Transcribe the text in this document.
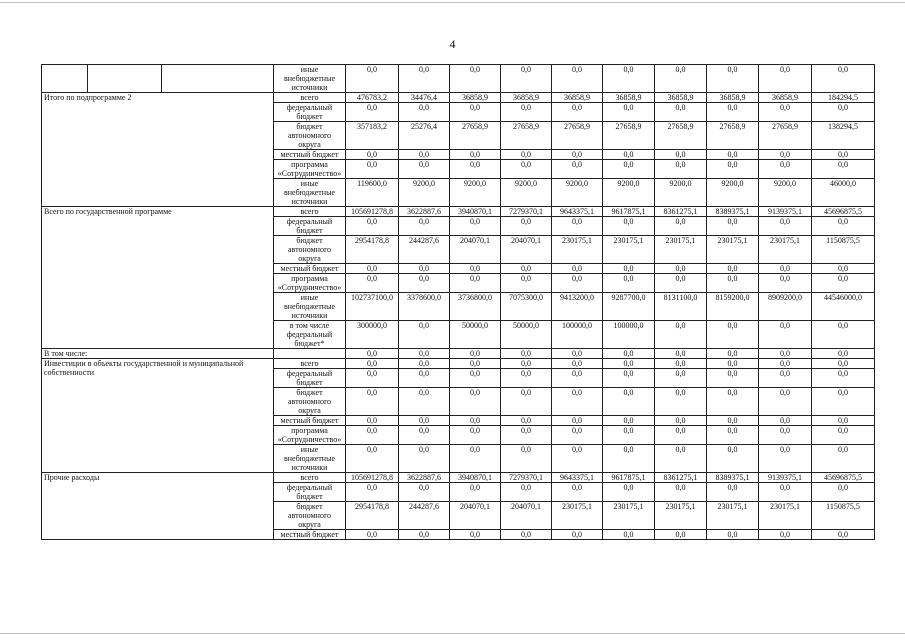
4
			иные внебюджетные источники	0,0	0,0	0,0	0,0	0,0	0,0	0,0	0,0	0,0	0,0
Итого по подпрограмме 2			всего	476783,2	34476,4	36858,9	36858,9	36858,9	36858,9	36858,9	36858,9	36858,9	184294,5
			федеральный бюджет	0,0	0,0	0,0	0,0	0,0	0,0	0,0	0,0	0,0	0,0
			бюджет автономного округа	357183,2	25276,4	27658,9	27658,9	27658,9	27658,9	27658,9	27658,9	27658,9	138294,5
			местный бюджет	0,0	0,0	0,0	0,0	0,0	0,0	0,0	0,0	0,0	0,0
			программа «Сотрудничество»	0,0	0,0	0,0	0,0	0,0	0,0	0,0	0,0	0,0	0,0
			иные внебюджетные источники	119600,0	9200,0	9200,0	9200,0	9200,0	9200,0	9200,0	9200,0	9200,0	46000,0
Всего по государственной программе			всего	105691278,8	3622887,6	3940870,1	7279370,1	9643375,1	9617875,1	8361275,1	8389375,1	9139375,1	45696875,5
			федеральный бюджет	0,0	0,0	0,0	0,0	0,0	0,0	0,0	0,0	0,0	0,0
			бюджет автономного округа	2954178,8	244287,6	204070,1	204070,1	230175,1	230175,1	230175,1	230175,1	230175,1	1150875,5
			местный бюджет	0,0	0,0	0,0	0,0	0,0	0,0	0,0	0,0	0,0	0,0
			программа «Сотрудничество»	0,0	0,0	0,0	0,0	0,0	0,0	0,0	0,0	0,0	0,0
			иные внебюджетные источники	102737100,0	3378600,0	3736800,0	7075300,0	9413200,0	9287700,0	8131100,0	8159200,0	8909200,0	44546000,0
			в том числе федеральный бюджет*	300000,0	0,0	50000,0	50000,0	100000,0	100000,0	0,0	0,0	0,0	0,0
В том числе:				0,0	0,0	0,0	0,0	0,0	0,0	0,0	0,0	0,0	0,0
Инвестиции в объекты государственной и муниципальной собственности			всего	0,0	0,0	0,0	0,0	0,0	0,0	0,0	0,0	0,0	0,0
			федеральный бюджет	0,0	0,0	0,0	0,0	0,0	0,0	0,0	0,0	0,0	0,0
			бюджет автономного округа	0,0	0,0	0,0	0,0	0,0	0,0	0,0	0,0	0,0	0,0
			местный бюджет	0,0	0,0	0,0	0,0	0,0	0,0	0,0	0,0	0,0	0,0
			программа «Сотрудничество»	0,0	0,0	0,0	0,0	0,0	0,0	0,0	0,0	0,0	0,0
			иные внебюджетные источники	0,0	0,0	0,0	0,0	0,0	0,0	0,0	0,0	0,0	0,0
Прочие расходы			всего	105691278,8	3622887,6	3940870,1	7279370,1	9643375,1	9617875,1	8361275,1	8389375,1	9139375,1	45696875,5
			федеральный бюджет	0,0	0,0	0,0	0,0	0,0	0,0	0,0	0,0	0,0	0,0
			бюджет автономного округа	2954178,8	244287,6	204070,1	204070,1	230175,1	230175,1	230175,1	230175,1	230175,1	1150875,5
			местный бюджет	0,0	0,0	0,0	0,0	0,0	0,0	0,0	0,0	0,0	0,0
